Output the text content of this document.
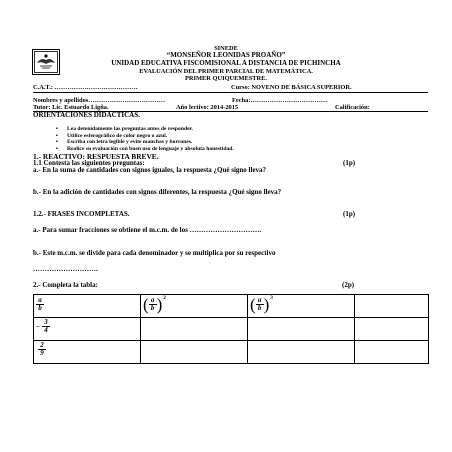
SINEDE
“MONSEÑOR LEONIDAS PROAÑO”
UNIDAD EDUCATIVA FISCOMISIONAL A DISTANCIA DE PICHINCHA
EVALUACIÓN DEL PRIMER PARCIAL DE MATEMÁTICA.
PRIMER QUIQUEMESTRE.
C.A.T.: …………………………………	Curso: NOVENO DE BÁSICA SUPERIOR.
Nombres y apellidos………………………………	Fecha:………………………………
Tutor: Lic. Estuardo Ligña.	Año lectivo: 2014-2015	Calificación:
ORIENTACIONES DIDACTICAS.
▪ Lea detenidamente las preguntas antes de responder.
▪ Utilice esferográfico de color negro o azul.
▪ Escriba con letra legible y evite manchas y borrones.
▪ Realice su evaluación con buen uso de lenguaje y absoluta honestidad.
1.- REACTIVO: RESPUESTA BREVE.
1.1 Contesta las siguientes preguntas:	(1p)
a.- En la suma de cantidades con signos iguales, la respuesta ¿Qué signo lleva?
b.- En la adición de cantidades con signos diferentes, la respuesta ¿Qué signo lleva?
1.2.- FRASES INCOMPLETAS.	(1p)
a.- Para sumar fracciones se obtiene el m.c.m. de los ………………………….
b.- Este m.c.m. se divide para cada denominador y se multiplica por su respectivo
……………………….
2.- Completa la tabla:	(2p)
$\frac{a}{b}$	( $\frac{a}{b} )^2$	( $\frac{a}{b} )^3$

− $\frac{3}{4}$

$\frac{2}{9}$
